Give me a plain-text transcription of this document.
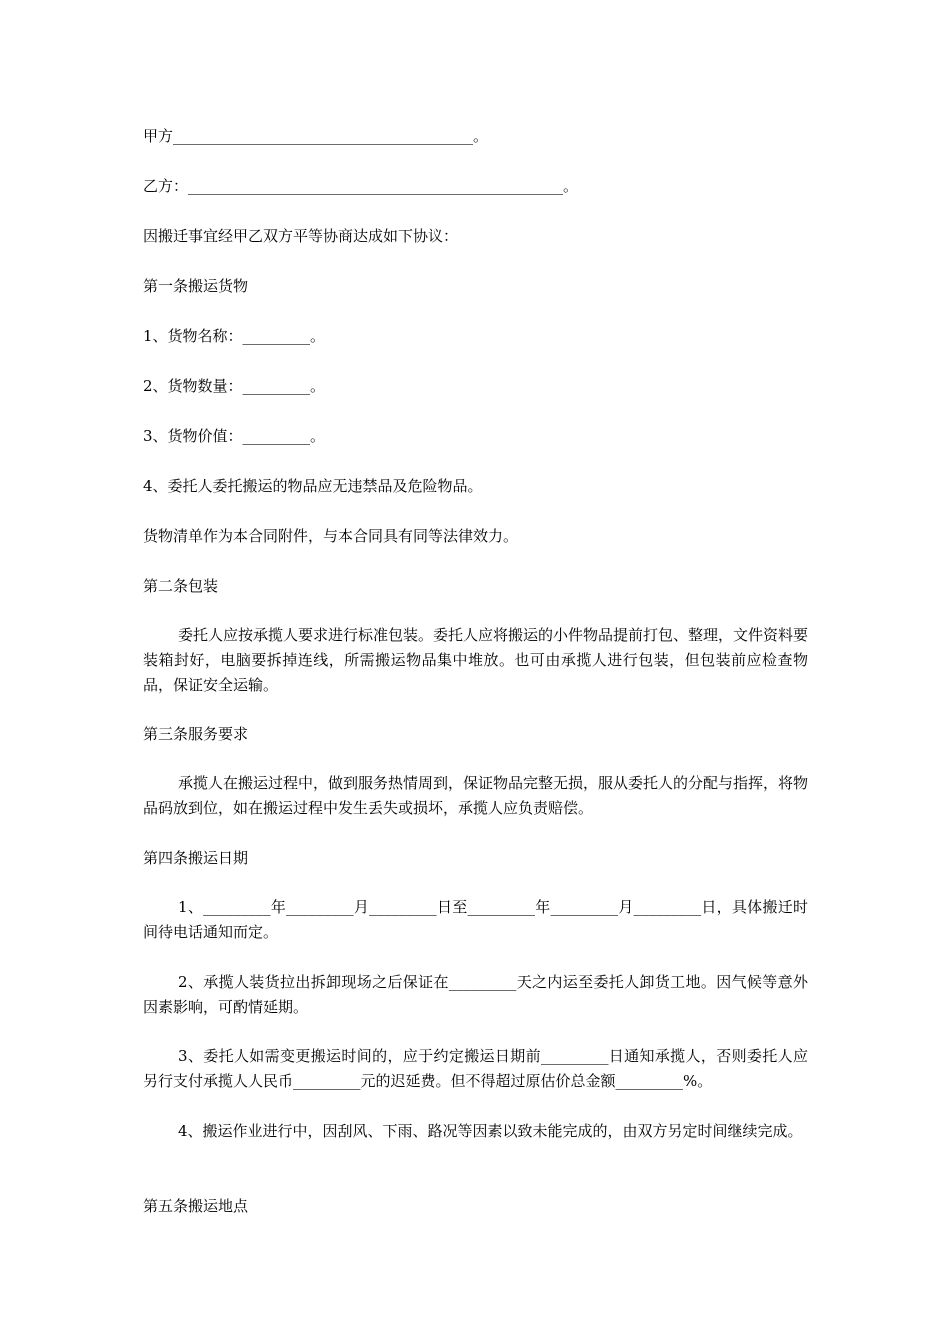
甲方________________________________________。

乙方：__________________________________________________。

因搬迁事宜经甲乙双方平等协商达成如下协议：

第一条搬运货物

1、货物名称：_________。

2、货物数量：_________。

3、货物价值：_________。

4、委托人委托搬运的物品应无违禁品及危险物品。

货物清单作为本合同附件，与本合同具有同等法律效力。

第二条包装

委托人应按承揽人要求进行标准包装。委托人应将搬运的小件物品提前打包、整理，文件资料要装箱封好，电脑要拆掉连线，所需搬运物品集中堆放。也可由承揽人进行包装，但包装前应检查物品，保证安全运输。

第三条服务要求

承揽人在搬运过程中，做到服务热情周到，保证物品完整无损，服从委托人的分配与指挥，将物品码放到位，如在搬运过程中发生丢失或损坏，承揽人应负责赔偿。

第四条搬运日期

1、_________年_________月_________日至_________年_________月_________日，具体搬迁时间待电话通知而定。

2、承揽人装货拉出拆卸现场之后保证在_________天之内运至委托人卸货工地。因气候等意外因素影响，可酌情延期。

3、委托人如需变更搬运时间的，应于约定搬运日期前_________日通知承揽人，否则委托人应另行支付承揽人人民币_________元的迟延费。但不得超过原估价总金额_________%。

4、搬运作业进行中，因刮风、下雨、路况等因素以致未能完成的，由双方另定时间继续完成。

第五条搬运地点
